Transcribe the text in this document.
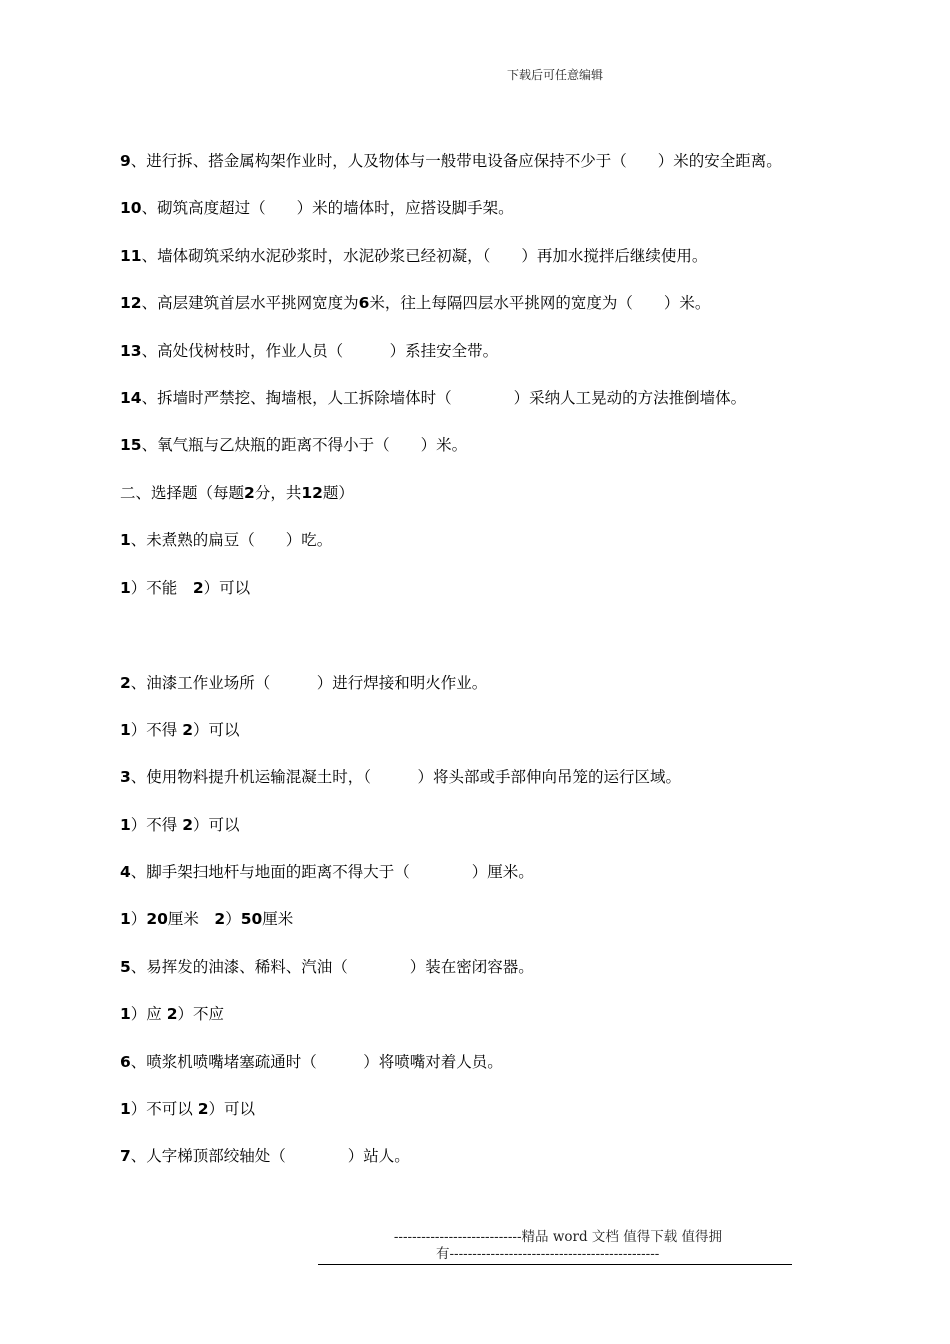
下载后可任意编辑
9、进行拆、搭金属构架作业时，人及物体与一般带电设备应保持不少于（　　）米的安全距离。
10、砌筑高度超过（　　）米的墙体时，应搭设脚手架。
11、墙体砌筑采纳水泥砂浆时，水泥砂浆已经初凝，（　　）再加水搅拌后继续使用。
12、高层建筑首层水平挑网宽度为6米，往上每隔四层水平挑网的宽度为（　　）米。
13、高处伐树枝时，作业人员（　　　）系挂安全带。
14、拆墙时严禁挖、掏墙根，人工拆除墙体时（　　　　）采纳人工晃动的方法推倒墙体。
15、氧气瓶与乙炔瓶的距离不得小于（　　）米。
二、选择题（每题2分，共12题）
1、未煮熟的扁豆（　　）吃。
1）不能　2）可以
2、油漆工作业场所（　　　）进行焊接和明火作业。
1）不得 2）可以
3、使用物料提升机运输混凝土时，（　　　）将头部或手部伸向吊笼的运行区域。
1）不得 2）可以
4、脚手架扫地杆与地面的距离不得大于（　　　　）厘米。
1）20厘米　2）50厘米
5、易挥发的油漆、稀料、汽油（　　　　）装在密闭容器。
1）应 2）不应
6、喷浆机喷嘴堵塞疏通时（　　　）将喷嘴对着人员。
1）不可以 2）可以
7、人字梯顶部绞轴处（　　　　）站人。
----------------------------精品 word 文档 值得下载 值得拥
有----------------------------------------------
